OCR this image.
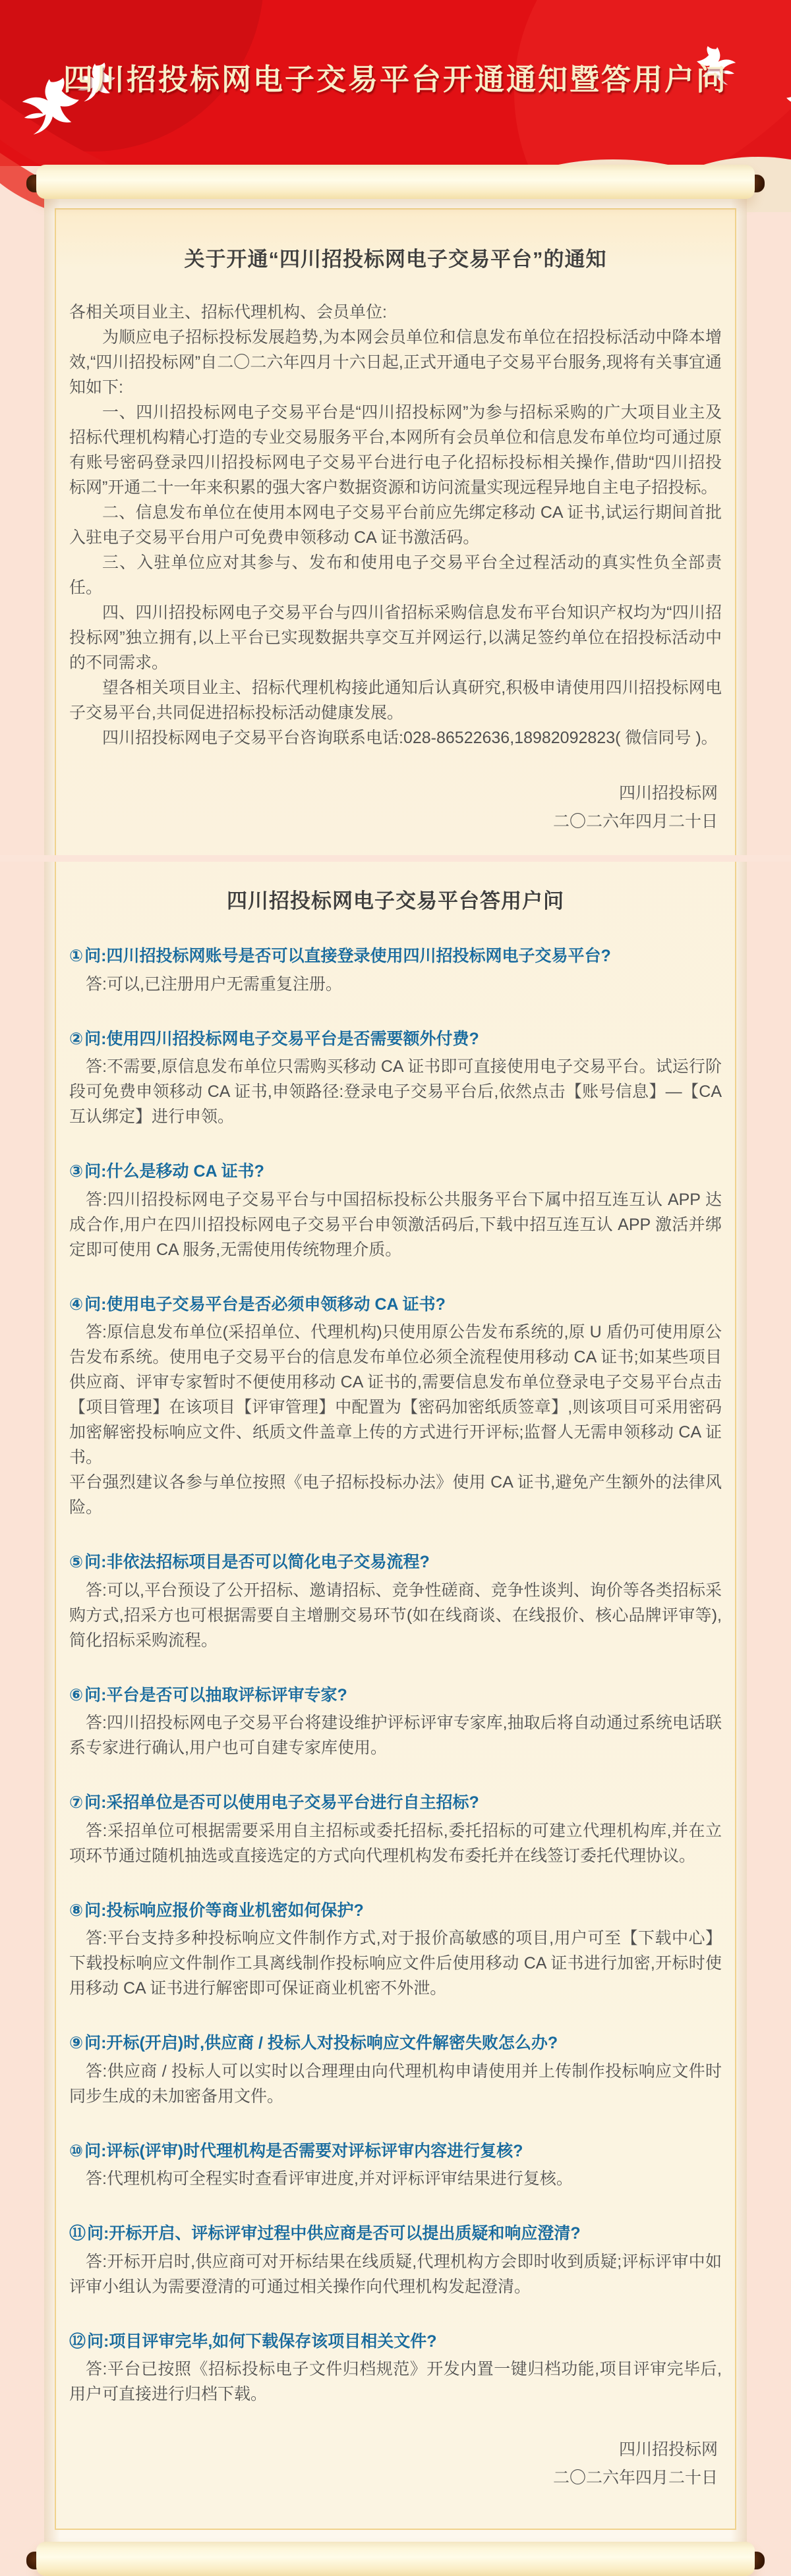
四川招投标网电子交易平台开通通知暨答用户问
关于开通“四川招投标网电子交易平台”的通知

各相关项目业主、招标代理机构、会员单位:

为顺应电子招标投标发展趋势,为本网会员单位和信息发布单位在招投标活动中降本增效,“四川招投标网”自二〇二六年四月十六日起,正式开通电子交易平台服务,现将有关事宜通知如下:

一、四川招投标网电子交易平台是“四川招投标网”为参与招标采购的广大项目业主及招标代理机构精心打造的专业交易服务平台,本网所有会员单位和信息发布单位均可通过原有账号密码登录四川招投标网电子交易平台进行电子化招标投标相关操作,借助“四川招投标网”开通二十一年来积累的强大客户数据资源和访问流量实现远程异地自主电子招投标。

二、信息发布单位在使用本网电子交易平台前应先绑定移动 CA 证书,试运行期间首批入驻电子交易平台用户可免费申领移动 CA 证书激活码。

三、入驻单位应对其参与、发布和使用电子交易平台全过程活动的真实性负全部责任。

四、四川招投标网电子交易平台与四川省招标采购信息发布平台知识产权均为“四川招投标网”独立拥有,以上平台已实现数据共享交互并网运行,以满足签约单位在招投标活动中的不同需求。

望各相关项目业主、招标代理机构接此通知后认真研究,积极申请使用四川招投标网电子交易平台,共同促进招标投标活动健康发展。

四川招投标网电子交易平台咨询联系电话:028-86522636,18982092823( 微信同号 )。

四川招投标网

二〇二六年四月二十日

四川招投标网电子交易平台答用户问

①问:四川招投标网账号是否可以直接登录使用四川招投标网电子交易平台?

答:可以,已注册用户无需重复注册。

②问:使用四川招投标网电子交易平台是否需要额外付费?

答:不需要,原信息发布单位只需购买移动 CA 证书即可直接使用电子交易平台。试运行阶段可免费申领移动 CA 证书,申领路径:登录电子交易平台后,依然点击【账号信息】—【CA 互认绑定】进行申领。

③问:什么是移动 CA 证书?

答:四川招投标网电子交易平台与中国招标投标公共服务平台下属中招互连互认 APP 达成合作,用户在四川招投标网电子交易平台申领激活码后,下载中招互连互认 APP 激活并绑定即可使用 CA 服务,无需使用传统物理介质。

④问:使用电子交易平台是否必须申领移动 CA 证书?

答:原信息发布单位(采招单位、代理机构)只使用原公告发布系统的,原 U 盾仍可使用原公告发布系统。使用电子交易平台的信息发布单位必须全流程使用移动 CA 证书;如某些项目供应商、评审专家暂时不便使用移动 CA 证书的,需要信息发布单位登录电子交易平台点击【项目管理】在该项目【评审管理】中配置为【密码加密纸质签章】,则该项目可采用密码加密解密投标响应文件、纸质文件盖章上传的方式进行开评标;监督人无需申领移动 CA 证书。

平台强烈建议各参与单位按照《电子招标投标办法》使用 CA 证书,避免产生额外的法律风险。

⑤问:非依法招标项目是否可以简化电子交易流程?

答:可以,平台预设了公开招标、邀请招标、竞争性磋商、竞争性谈判、询价等各类招标采购方式,招采方也可根据需要自主增删交易环节(如在线商谈、在线报价、核心品牌评审等),简化招标采购流程。

⑥问:平台是否可以抽取评标评审专家?

答:四川招投标网电子交易平台将建设维护评标评审专家库,抽取后将自动通过系统电话联系专家进行确认,用户也可自建专家库使用。

⑦问:采招单位是否可以使用电子交易平台进行自主招标?

答:采招单位可根据需要采用自主招标或委托招标,委托招标的可建立代理机构库,并在立项环节通过随机抽选或直接选定的方式向代理机构发布委托并在线签订委托代理协议。

⑧问:投标响应报价等商业机密如何保护?

答:平台支持多种投标响应文件制作方式,对于报价高敏感的项目,用户可至【下载中心】下载投标响应文件制作工具离线制作投标响应文件后使用移动 CA 证书进行加密,开标时使用移动 CA 证书进行解密即可保证商业机密不外泄。

⑨问:开标(开启)时,供应商 / 投标人对投标响应文件解密失败怎么办?

答:供应商 / 投标人可以实时以合理理由向代理机构申请使用并上传制作投标响应文件时同步生成的未加密备用文件。

⑩问:评标(评审)时代理机构是否需要对评标评审内容进行复核?

答:代理机构可全程实时查看评审进度,并对评标评审结果进行复核。

⑪问:开标开启、评标评审过程中供应商是否可以提出质疑和响应澄清?

答:开标开启时,供应商可对开标结果在线质疑,代理机构方会即时收到质疑;评标评审中如评审小组认为需要澄清的可通过相关操作向代理机构发起澄清。

⑫问:项目评审完毕,如何下载保存该项目相关文件?

答:平台已按照《招标投标电子文件归档规范》开发内置一键归档功能,项目评审完毕后,用户可直接进行归档下载。

四川招投标网

二〇二六年四月二十日
